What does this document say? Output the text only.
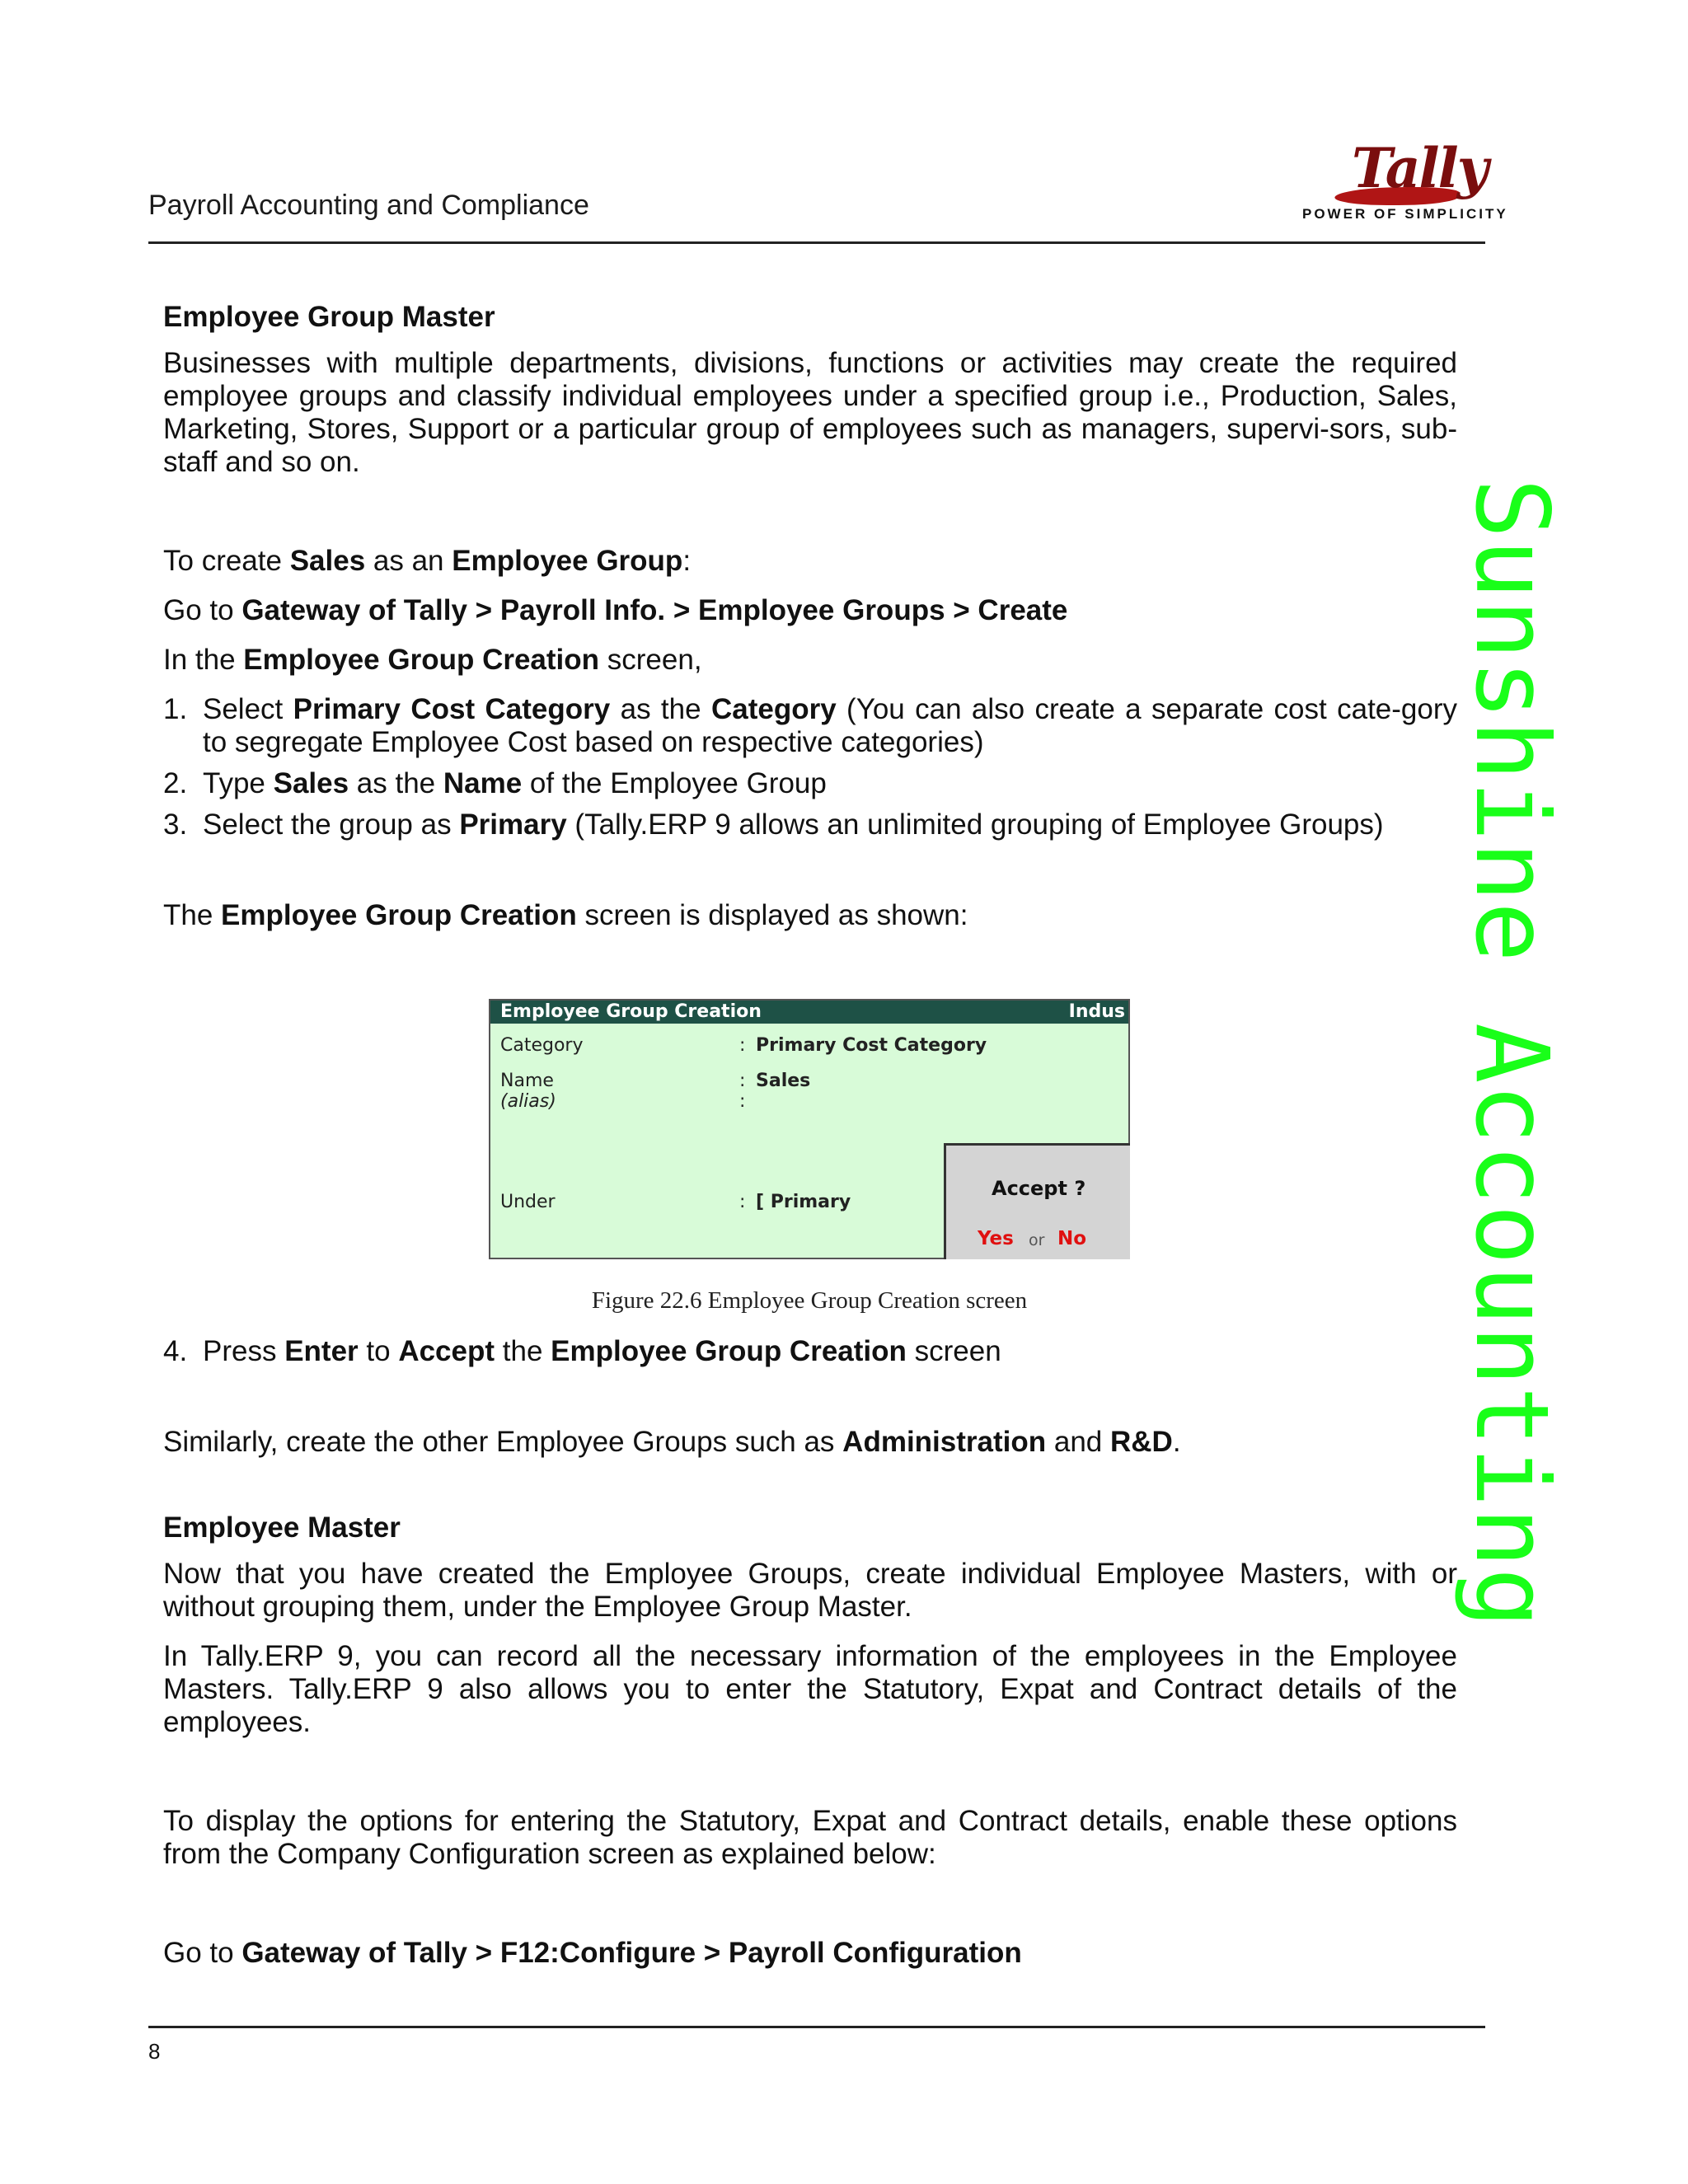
Payroll Accounting and Compliance
Tally
POWER OF SIMPLICITY
Sunshine Accounting

Employee Group Master

Businesses with multiple departments, divisions, functions or activities may create the required employee groups and classify individual employees under a specified group i.e., Production, Sales, Marketing, Stores, Support or a particular group of employees such as managers, supervi-sors, sub-staff and so on.

To create Sales as an Employee Group:

Go to Gateway of Tally > Payroll Info. > Employee Groups > Create

In the Employee Group Creation screen,

1. Select Primary Cost Category as the Category (You can also create a separate cost cate-gory to segregate Employee Cost based on respective categories)

2. Type Sales as the Name of the Employee Group

3. Select the group as Primary (Tally.ERP 9 allows an unlimited grouping of Employee Groups)

The Employee Group Creation screen is displayed as shown:

Employee Group Creation	Indus
Category	: Primary Cost Category
Name	: Sales
(alias)	:
Under	: [ Primary
Accept ?
Yes or No
Figure 22.6 Employee Group Creation screen

4. Press Enter to Accept the Employee Group Creation screen

Similarly, create the other Employee Groups such as Administration and R&D.

Employee Master

Now that you have created the Employee Groups, create individual Employee Masters, with or without grouping them, under the Employee Group Master.

In Tally.ERP 9, you can record all the necessary information of the employees in the Employee Masters. Tally.ERP 9 also allows you to enter the Statutory, Expat and Contract details of the employees.

To display the options for entering the Statutory, Expat and Contract details, enable these options from the Company Configuration screen as explained below:

Go to Gateway of Tally > F12:Configure > Payroll Configuration

8
